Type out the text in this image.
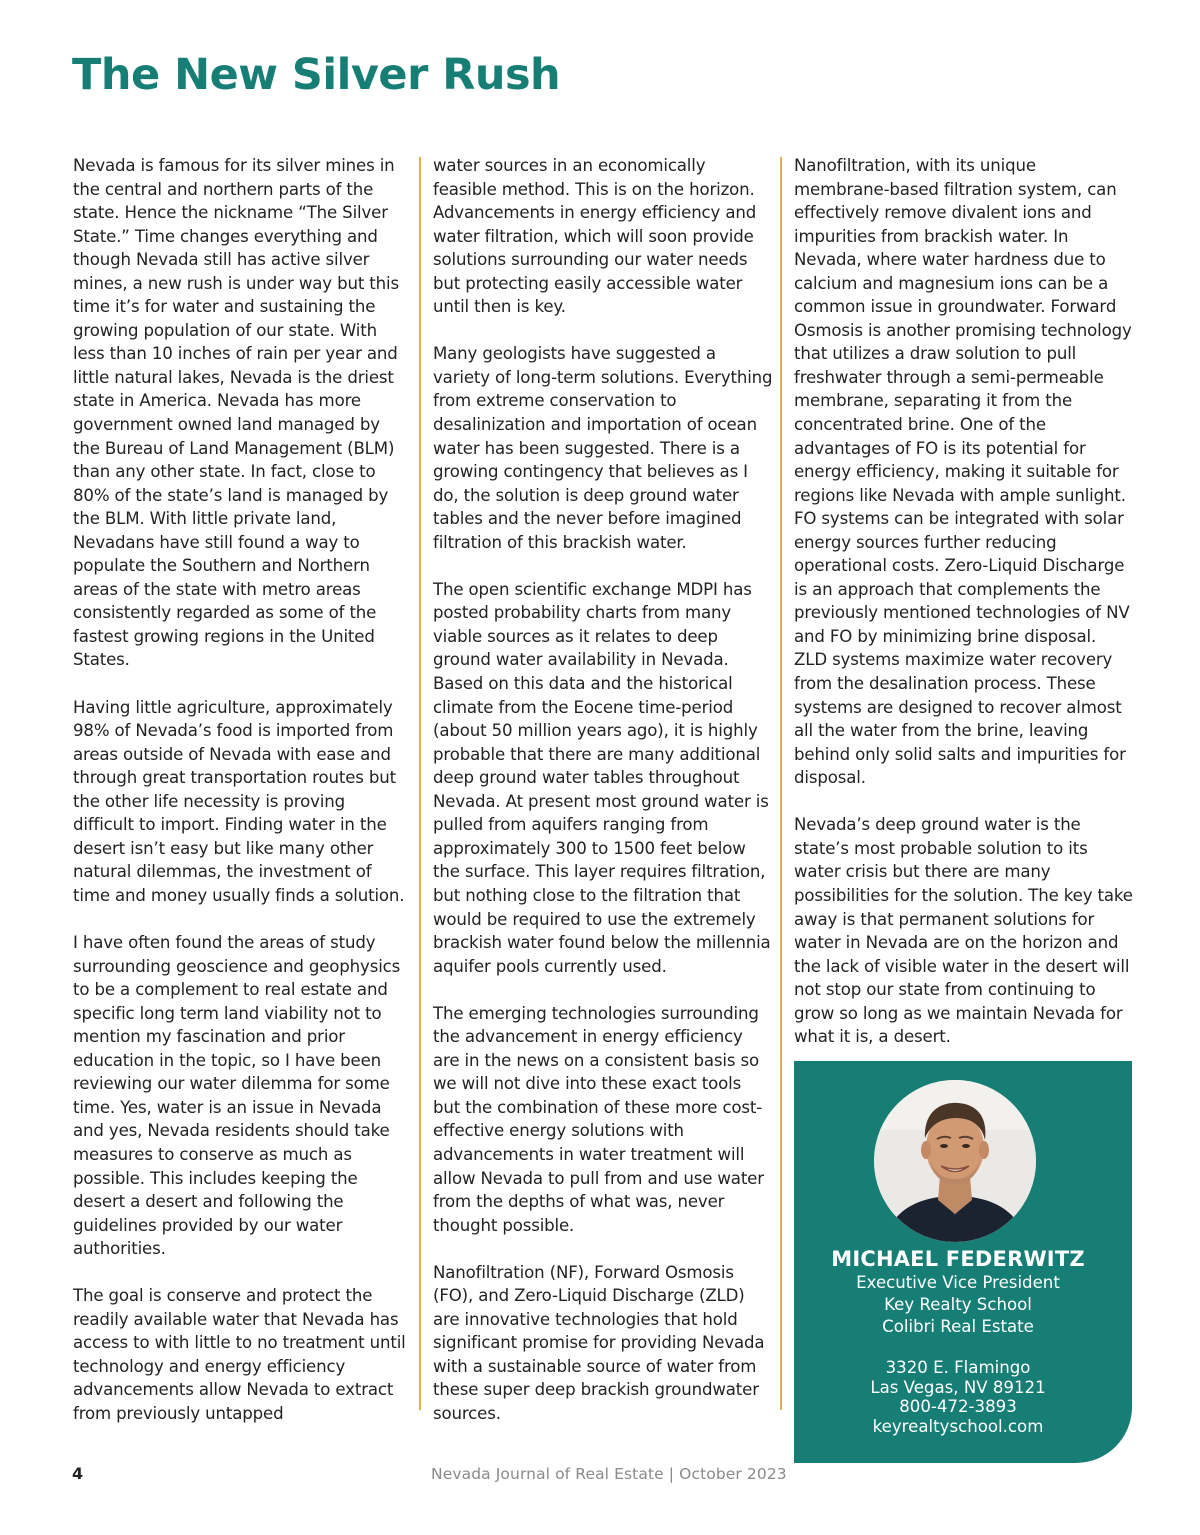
The New Silver Rush

Nevada is famous for its silver mines in the central and northern parts of the state. Hence the nickname “The Silver State.” Time changes everything and though Nevada still has active silver mines, a new rush is under way but this time it’s for water and sustaining the growing population of our state. With less than 10 inches of rain per year and little natural lakes, Nevada is the driest state in America. Nevada has more government owned land managed by the Bureau of Land Management (BLM) than any other state. In fact, close to 80% of the state’s land is managed by the BLM. With little private land, Nevadans have still found a way to populate the Southern and Northern areas of the state with metro areas consistently regarded as some of the fastest growing regions in the United States.

Having little agriculture, approximately 98% of Nevada’s food is imported from areas outside of Nevada with ease and through great transportation routes but the other life necessity is proving difficult to import. Finding water in the desert isn’t easy but like many other natural dilemmas, the investment of time and money usually finds a solution.

I have often found the areas of study surrounding geoscience and geophysics to be a complement to real estate and specific long term land viability not to mention my fascination and prior education in the topic, so I have been reviewing our water dilemma for some time. Yes, water is an issue in Nevada and yes, Nevada residents should take measures to conserve as much as possible. This includes keeping the desert a desert and following the guidelines provided by our water authorities.

The goal is conserve and protect the readily available water that Nevada has access to with little to no treatment until technology and energy efficiency advancements allow Nevada to extract from previously untapped

water sources in an economically feasible method. This is on the horizon. Advancements in energy efficiency and water filtration, which will soon provide solutions surrounding our water needs but protecting easily accessible water until then is key.

Many geologists have suggested a variety of long-term solutions. Everything from extreme conservation to desalinization and importation of ocean water has been suggested. There is a growing contingency that believes as I do, the solution is deep ground water tables and the never before imagined filtration of this brackish water.

The open scientific exchange MDPI has posted probability charts from many viable sources as it relates to deep ground water availability in Nevada. Based on this data and the historical climate from the Eocene time-period (about 50 million years ago), it is highly probable that there are many additional deep ground water tables throughout Nevada. At present most ground water is pulled from aquifers ranging from approximately 300 to 1500 feet below the surface. This layer requires filtration, but nothing close to the filtration that would be required to use the extremely brackish water found below the millennia aquifer pools currently used.

The emerging technologies surrounding the advancement in energy efficiency are in the news on a consistent basis so we will not dive into these exact tools but the combination of these more cost-effective energy solutions with advancements in water treatment will allow Nevada to pull from and use water from the depths of what was, never thought possible.

Nanofiltration (NF), Forward Osmosis (FO), and Zero-Liquid Discharge (ZLD) are innovative technologies that hold significant promise for providing Nevada with a sustainable source of water from these super deep brackish groundwater sources.

Nanofiltration, with its unique membrane-based filtration system, can effectively remove divalent ions and impurities from brackish water. In Nevada, where water hardness due to calcium and magnesium ions can be a common issue in groundwater. Forward Osmosis is another promising technology that utilizes a draw solution to pull freshwater through a semi-permeable membrane, separating it from the concentrated brine. One of the advantages of FO is its potential for energy efficiency, making it suitable for regions like Nevada with ample sunlight. FO systems can be integrated with solar energy sources further reducing operational costs. Zero-Liquid Discharge is an approach that complements the previously mentioned technologies of NV and FO by minimizing brine disposal. ZLD systems maximize water recovery from the desalination process. These systems are designed to recover almost all the water from the brine, leaving behind only solid salts and impurities for disposal.

Nevada’s deep ground water is the state’s most probable solution to its water crisis but there are many possibilities for the solution. The key take away is that permanent solutions for water in Nevada are on the horizon and the lack of visible water in the desert will not stop our state from continuing to grow so long as we maintain Nevada for what it is, a desert.

MICHAEL FEDERWITZ
Executive Vice President
Key Realty School
Colibri Real Estate
3320 E. Flamingo
Las Vegas, NV 89121
800-472-3893
keyrealtyschool.com
4	Nevada Journal of Real Estate | October 2023
